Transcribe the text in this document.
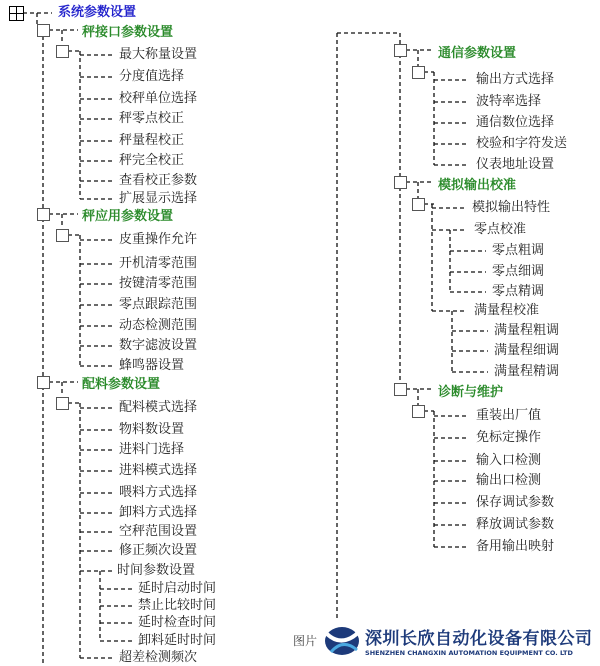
图片	深圳长欣自动化设备有限公司
SHENZHEN CHANGXIN AUTOMATION EQUIPMENT CO. LTD
系统参数设置
秤接口参数设置
最大称量设置
分度值选择
校秤单位选择
秤零点校正
秤量程校正
秤完全校正
查看校正参数
扩展显示选择
秤应用参数设置
皮重操作允许
开机清零范围
按键清零范围
零点跟踪范围
动态检测范围
数字滤波设置
蜂鸣器设置
配料参数设置
配料模式选择
物料数设置
进料门选择
进料模式选择
喂料方式选择
卸料方式选择
空秤范围设置
修正频次设置
时间参数设置
超差检测频次
延时启动时间
禁止比较时间
延时检查时间
卸料延时时间
通信参数设置
输出方式选择
波特率选择
通信数位选择
校验和字符发送
仪表地址设置
模拟输出校准
模拟输出特性
零点校准
零点粗调
零点细调
零点精调
满量程校准
满量程粗调
满量程细调
满量程精调
诊断与维护
重装出厂值
免标定操作
输入口检测
输出口检测
保存调试参数
释放调试参数
备用输出映射
